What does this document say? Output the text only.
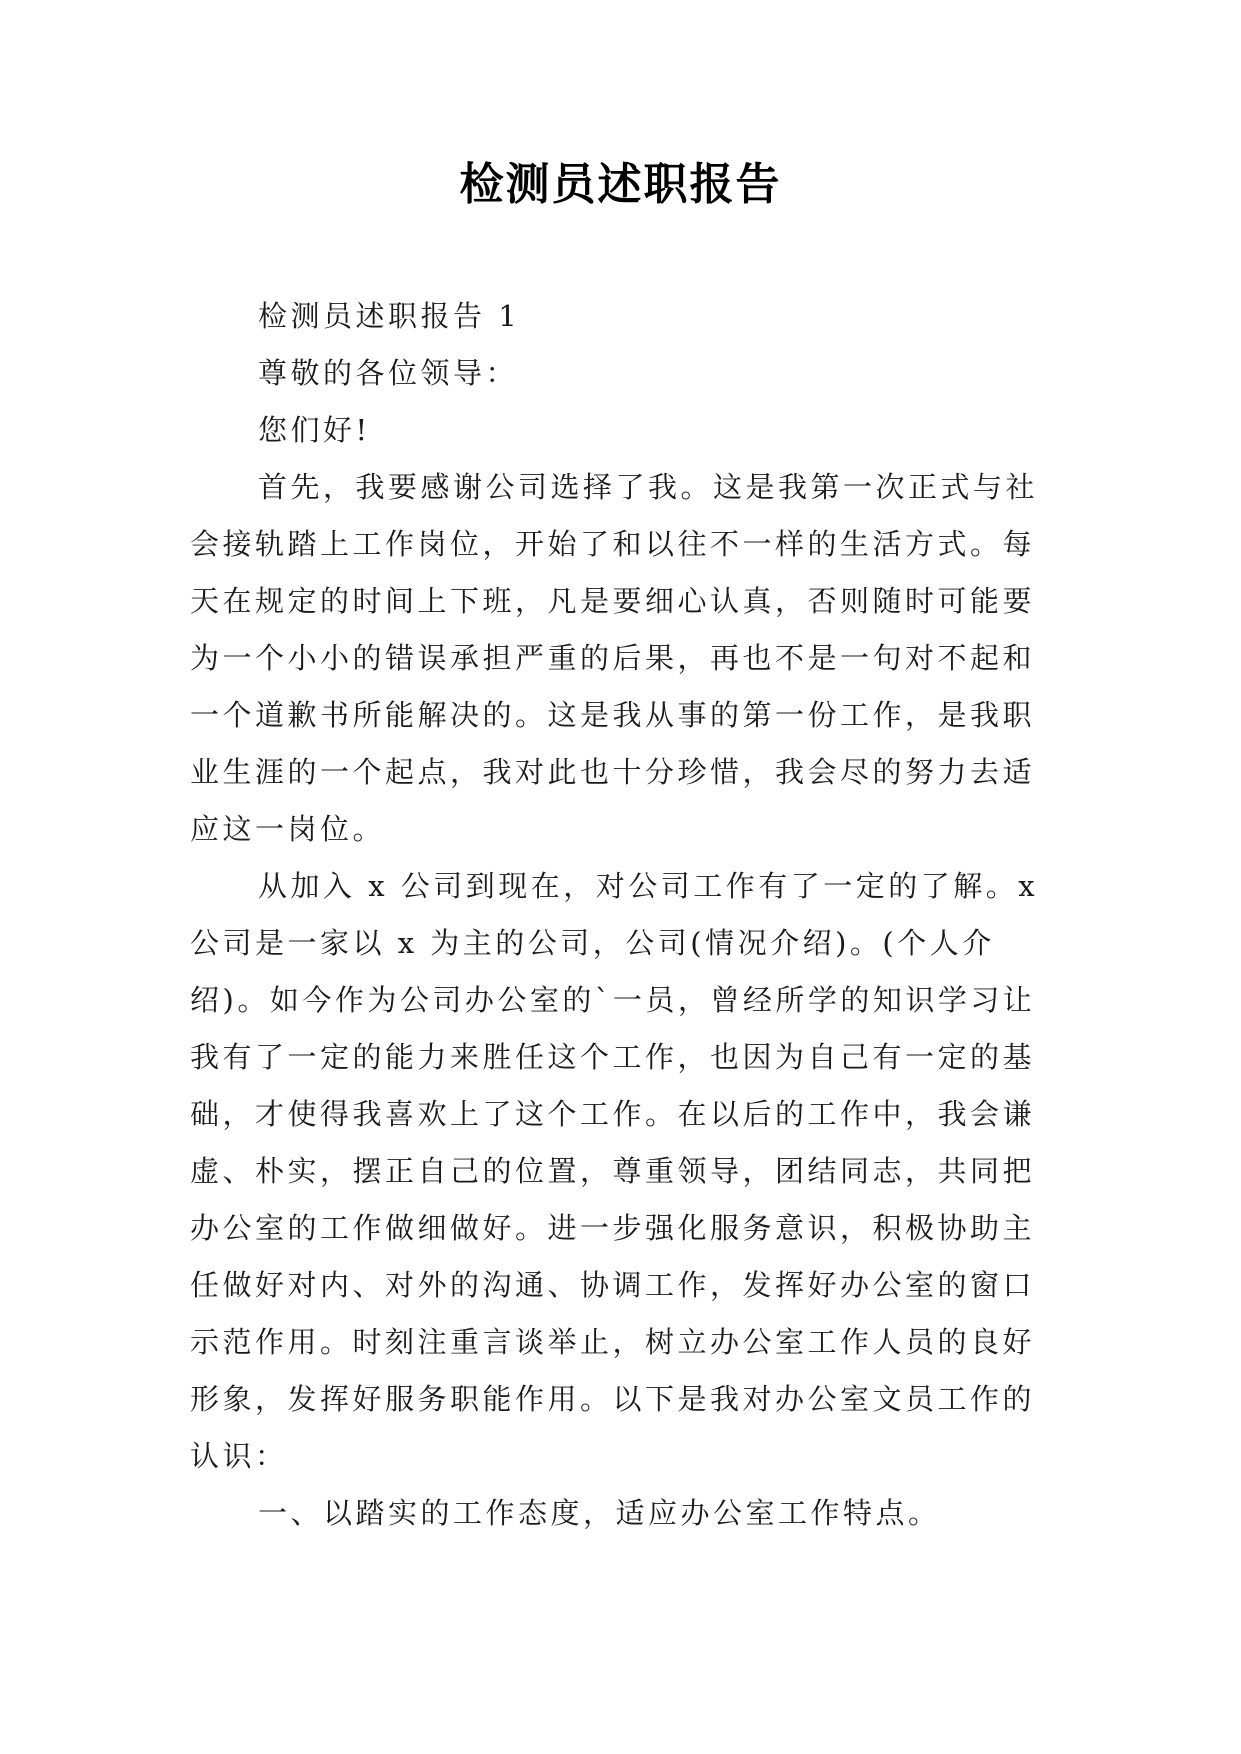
检测员述职报告
检测员述职报告 1
尊敬的各位领导：
您们好!
首先，我要感谢公司选择了我。这是我第一次正式与社
会接轨踏上工作岗位，开始了和以往不一样的生活方式。每
天在规定的时间上下班，凡是要细心认真，否则随时可能要
为一个小小的错误承担严重的后果，再也不是一句对不起和
一个道歉书所能解决的。这是我从事的第一份工作，是我职
业生涯的一个起点，我对此也十分珍惜，我会尽的努力去适
应这一岗位。
从加入 x 公司到现在，对公司工作有了一定的了解。x
公司是一家以 x 为主的公司，公司(情况介绍)。(个人介
绍)。如今作为公司办公室的`一员，曾经所学的知识学习让
我有了一定的能力来胜任这个工作，也因为自己有一定的基
础，才使得我喜欢上了这个工作。在以后的工作中，我会谦
虚、朴实，摆正自己的位置，尊重领导，团结同志，共同把
办公室的工作做细做好。进一步强化服务意识，积极协助主
任做好对内、对外的沟通、协调工作，发挥好办公室的窗口
示范作用。时刻注重言谈举止，树立办公室工作人员的良好
形象，发挥好服务职能作用。以下是我对办公室文员工作的
认识：
一、以踏实的工作态度，适应办公室工作特点。
